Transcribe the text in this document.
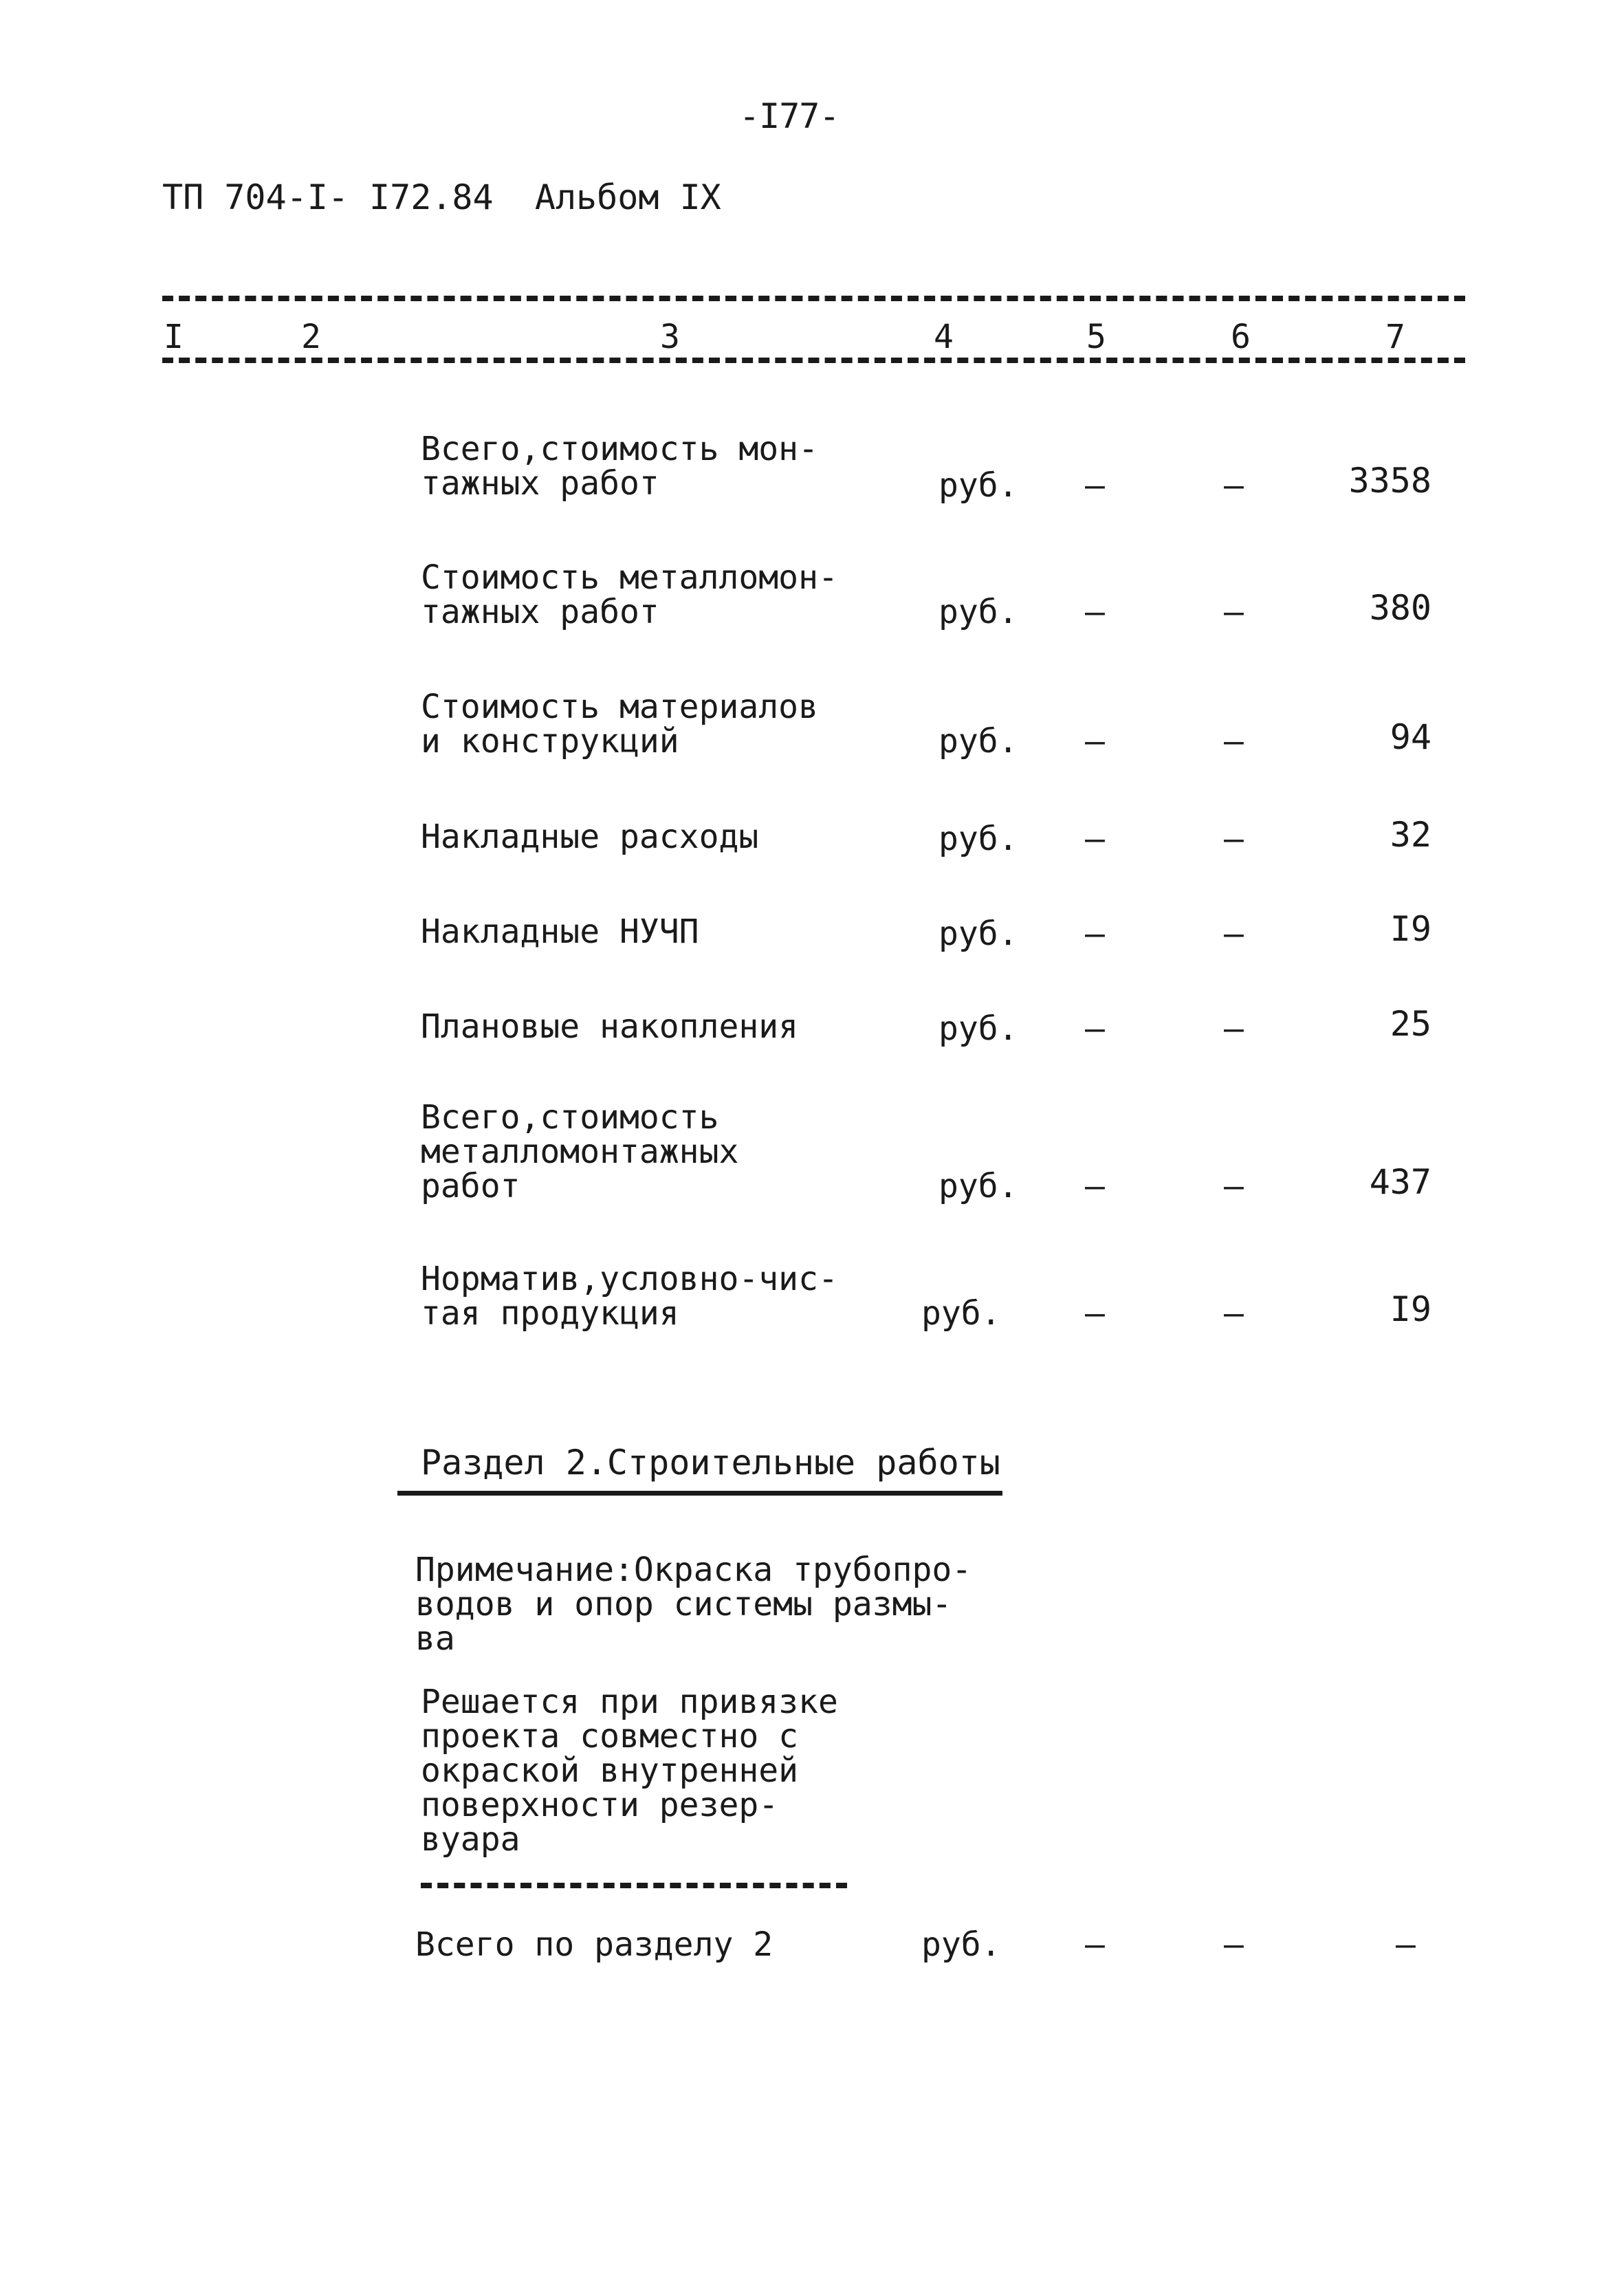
-I77-
ТП 704-I- I72.84  Альбом IX
I	2	3	4	5	6	7
Всего,стоимость мон-
тажных работ	руб. –	–	3358
Стоимость металломон-
тажных работ	руб. –	–	380
Стоимость материалов
и конструкций	руб. –	–	94
Накладные расходы	руб. –	–	32
Накладные НУЧП	руб. –	–	I9
Плановые накопления	руб. –	–	25
Всего,стоимость
металломонтажных
работ	руб. –	–	437
Норматив,условно-чис-
тая продукция	руб.	–	–	I9
Раздел 2.Строительные работы
Примечание:Окраска трубопро-
водов и опор системы размы-
ва
Решается при привязке
проекта совместно с
окраской внутренней
поверхности резер-
вуара
Всего по разделу 2	руб.	–	–	–
